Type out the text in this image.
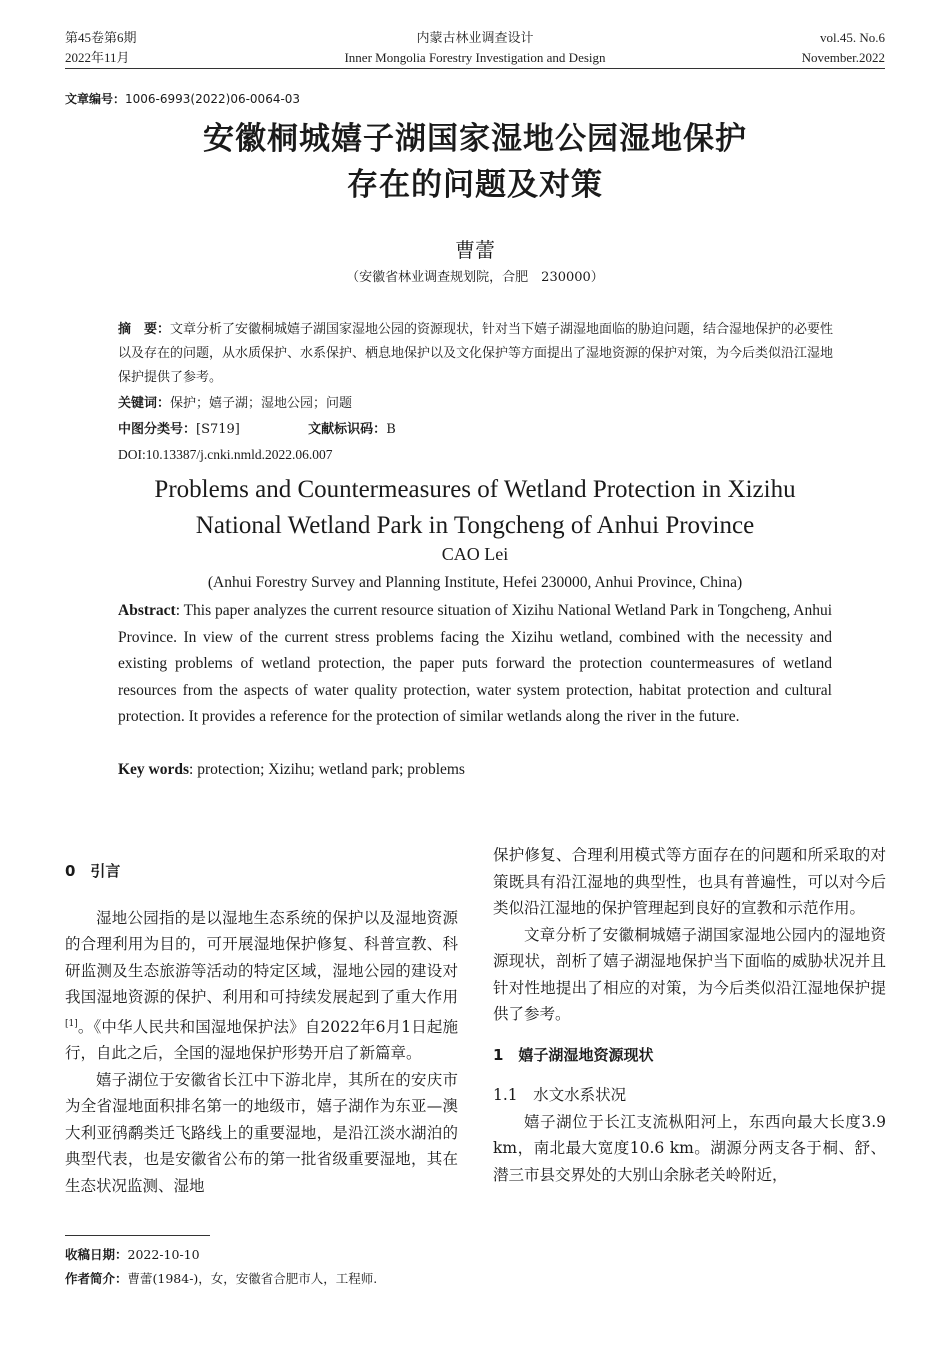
第45卷第6期
2022年11月
内蒙古林业调查设计
Inner Mongolia Forestry Investigation and Design
vol.45. No.6
November.2022
文章编号：1006-6993(2022)06-0064-03
安徽桐城嬉子湖国家湿地公园湿地保护
存在的问题及对策
曹蕾
（安徽省林业调查规划院，合肥　230000）
摘　要：文章分析了安徽桐城嬉子湖国家湿地公园的资源现状，针对当下嬉子湖湿地面临的胁迫问题，结合湿地保护的必要性以及存在的问题，从水质保护、水系保护、栖息地保护以及文化保护等方面提出了湿地资源的保护对策，为今后类似沿江湿地保护提供了参考。
关键词：保护；嬉子湖；湿地公园；问题
中图分类号：[S719]	文献标识码：B
DOI:10.13387/j.cnki.nmld.2022.06.007
Problems and Countermeasures of Wetland Protection in Xizihu
National Wetland Park in Tongcheng of Anhui Province
CAO Lei
(Anhui Forestry Survey and Planning Institute, Hefei 230000, Anhui Province, China)
Abstract: This paper analyzes the current resource situation of Xizihu National Wetland Park in Tongcheng, Anhui Province. In view of the current stress problems facing the Xizihu wetland, combined with the necessity and existing problems of wetland protection, the paper puts forward the protection countermeasures of wetland resources from the aspects of water quality protection, water system protection, habitat protection and cultural protection. It provides a reference for the protection of similar wetlands along the river in the future.
Key words: protection; Xizihu; wetland park; problems
0　引言

湿地公园指的是以湿地生态系统的保护以及湿地资源的合理利用为目的，可开展湿地保护修复、科普宣教、科研监测及生态旅游等活动的特定区域，湿地公园的建设对我国湿地资源的保护、利用和可持续发展起到了重大作用[1]。《中华人民共和国湿地保护法》自2022年6月1日起施行，自此之后，全国的湿地保护形势开启了新篇章。

嬉子湖位于安徽省长江中下游北岸，其所在的安庆市为全省湿地面积排名第一的地级市，嬉子湖作为东亚—澳大利亚鸻鹬类迁飞路线上的重要湿地，是沿江淡水湖泊的典型代表，也是安徽省公布的第一批省级重要湿地，其在生态状况监测、湿地

保护修复、合理利用模式等方面存在的问题和所采取的对策既具有沿江湿地的典型性，也具有普遍性，可以对今后类似沿江湿地的保护管理起到良好的宣教和示范作用。

文章分析了安徽桐城嬉子湖国家湿地公园内的湿地资源现状，剖析了嬉子湖湿地保护当下面临的威胁状况并且针对性地提出了相应的对策，为今后类似沿江湿地保护提供了参考。

1　嬉子湖湿地资源现状
1.1　水文水系状况

嬉子湖位于长江支流枞阳河上，东西向最大长度3.9 km，南北最大宽度10.6 km。湖源分两支各于桐、舒、潜三市县交界处的大别山余脉老关岭附近，

收稿日期：2022-10-10
作者简介：曹蕾(1984-)，女，安徽省合肥市人，工程师.
